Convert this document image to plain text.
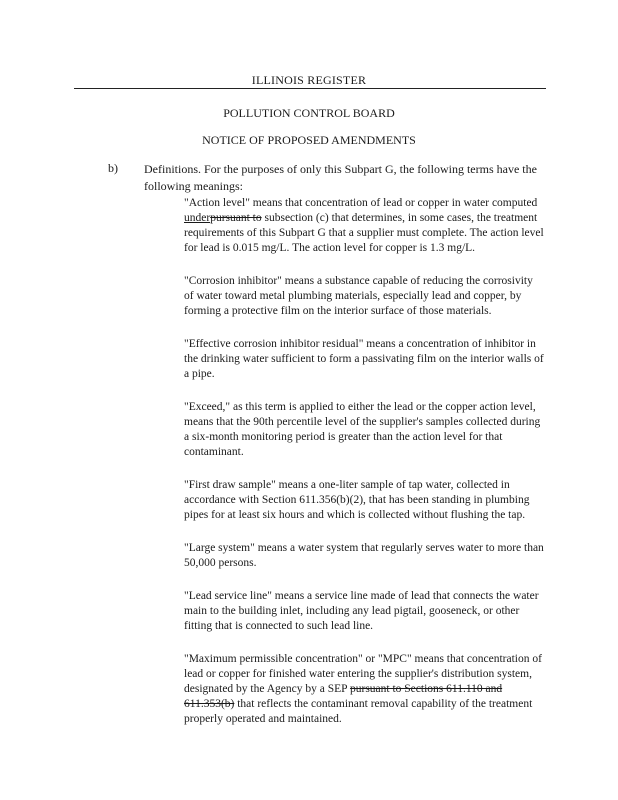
ILLINOIS REGISTER
POLLUTION CONTROL BOARD
NOTICE OF PROPOSED AMENDMENTS
b) Definitions. For the purposes of only this Subpart G, the following terms have the following meanings:

"Action level" means that concentration of lead or copper in water computed underpursuant to subsection (c) that determines, in some cases, the treatment requirements of this Subpart G that a supplier must complete. The action level for lead is 0.015 mg/L. The action level for copper is 1.3 mg/L.

"Corrosion inhibitor" means a substance capable of reducing the corrosivity of water toward metal plumbing materials, especially lead and copper, by forming a protective film on the interior surface of those materials.

"Effective corrosion inhibitor residual" means a concentration of inhibitor in the drinking water sufficient to form a passivating film on the interior walls of a pipe.

"Exceed," as this term is applied to either the lead or the copper action level, means that the 90th percentile level of the supplier's samples collected during a six-month monitoring period is greater than the action level for that contaminant.

"First draw sample" means a one-liter sample of tap water, collected in accordance with Section 611.356(b)(2), that has been standing in plumbing pipes for at least six hours and which is collected without flushing the tap.

"Large system" means a water system that regularly serves water to more than 50,000 persons.

"Lead service line" means a service line made of lead that connects the water main to the building inlet, including any lead pigtail, gooseneck, or other fitting that is connected to such lead line.

"Maximum permissible concentration" or "MPC" means that concentration of lead or copper for finished water entering the supplier's distribution system, designated by the Agency by a SEP pursuant to Sections 611.110 and 611.353(b) that reflects the contaminant removal capability of the treatment properly operated and maintained.
